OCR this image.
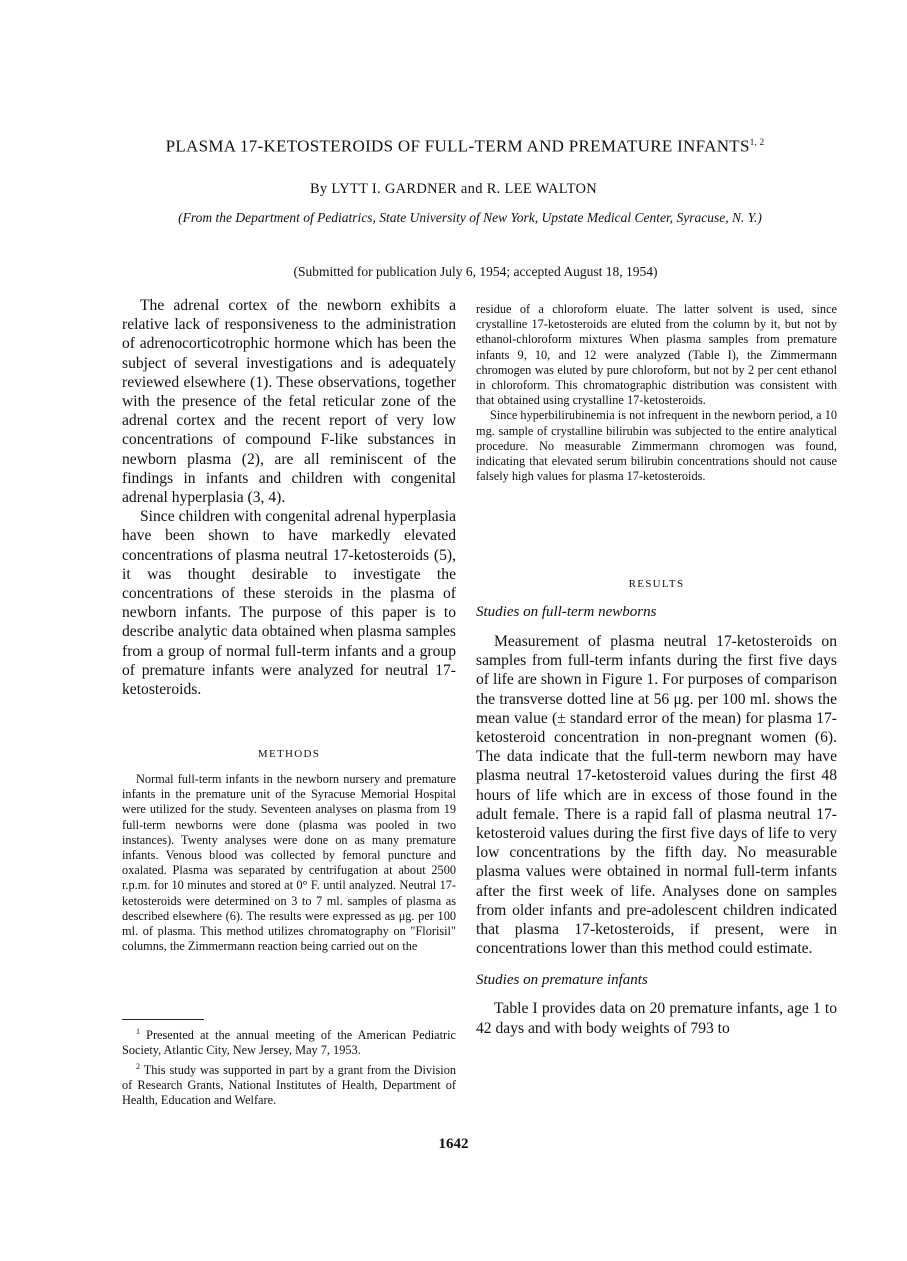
PLASMA 17-KETOSTEROIDS OF FULL-TERM AND PREMATURE INFANTS$^{1, 2}$
By LYTT I. GARDNER and R. LEE WALTON
(From the Department of Pediatrics, State University of New York, Upstate Medical Center, Syracuse, N. Y.)
(Submitted for publication July 6, 1954; accepted August 18, 1954)

The adrenal cortex of the newborn exhibits a relative lack of responsiveness to the administration of adrenocorticotrophic hormone which has been the subject of several investigations and is adequately reviewed elsewhere (1). These observations, together with the presence of the fetal reticular zone of the adrenal cortex and the recent report of very low concentrations of compound F-like substances in newborn plasma (2), are all reminiscent of the findings in infants and children with congenital adrenal hyperplasia (3, 4).

Since children with congenital adrenal hyperplasia have been shown to have markedly elevated concentrations of plasma neutral 17-ketosteroids (5), it was thought desirable to investigate the concentrations of these steroids in the plasma of newborn infants. The purpose of this paper is to describe analytic data obtained when plasma samples from a group of normal full-term infants and a group of premature infants were analyzed for neutral 17-ketosteroids.

METHODS

Normal full-term infants in the newborn nursery and premature infants in the premature unit of the Syracuse Memorial Hospital were utilized for the study. Seventeen analyses on plasma from 19 full-term newborns were done (plasma was pooled in two instances). Twenty analyses were done on as many premature infants. Venous blood was collected by femoral puncture and oxalated. Plasma was separated by centrifugation at about 2500 r.p.m. for 10 minutes and stored at 0° F. until analyzed. Neutral 17-ketosteroids were determined on 3 to 7 ml. samples of plasma as described elsewhere (6). The results were expressed as μg. per 100 ml. of plasma. This method utilizes chromatography on "Florisil" columns, the Zimmermann reaction being carried out on the

$^1$ Presented at the annual meeting of the American Pediatric Society, Atlantic City, New Jersey, May 7, 1953.

$^2$ This study was supported in part by a grant from the Division of Research Grants, National Institutes of Health, Department of Health, Education and Welfare.

residue of a chloroform eluate. The latter solvent is used, since crystalline 17-ketosteroids are eluted from the column by it, but not by ethanol-chloroform mixtures When plasma samples from premature infants 9, 10, and 12 were analyzed (Table I), the Zimmermann chromogen was eluted by pure chloroform, but not by 2 per cent ethanol in chloroform. This chromatographic distribution was consistent with that obtained using crystalline 17-ketosteroids.

Since hyperbilirubinemia is not infrequent in the newborn period, a 10 mg. sample of crystalline bilirubin was subjected to the entire analytical procedure. No measurable Zimmermann chromogen was found, indicating that elevated serum bilirubin concentrations should not cause falsely high values for plasma 17-ketosteroids.

RESULTS

Studies on full-term newborns

Measurement of plasma neutral 17-ketosteroids on samples from full-term infants during the first five days of life are shown in Figure 1. For purposes of comparison the transverse dotted line at 56 μg. per 100 ml. shows the mean value (± standard error of the mean) for plasma 17-ketosteroid concentration in non-pregnant women (6). The data indicate that the full-term newborn may have plasma neutral 17-ketosteroid values during the first 48 hours of life which are in excess of those found in the adult female. There is a rapid fall of plasma neutral 17-ketosteroid values during the first five days of life to very low concentrations by the fifth day. No measurable plasma values were obtained in normal full-term infants after the first week of life. Analyses done on samples from older infants and pre-adolescent children indicated that plasma 17-ketosteroids, if present, were in concentrations lower than this method could estimate.

Studies on premature infants

Table I provides data on 20 premature infants, age 1 to 42 days and with body weights of 793 to

1642
